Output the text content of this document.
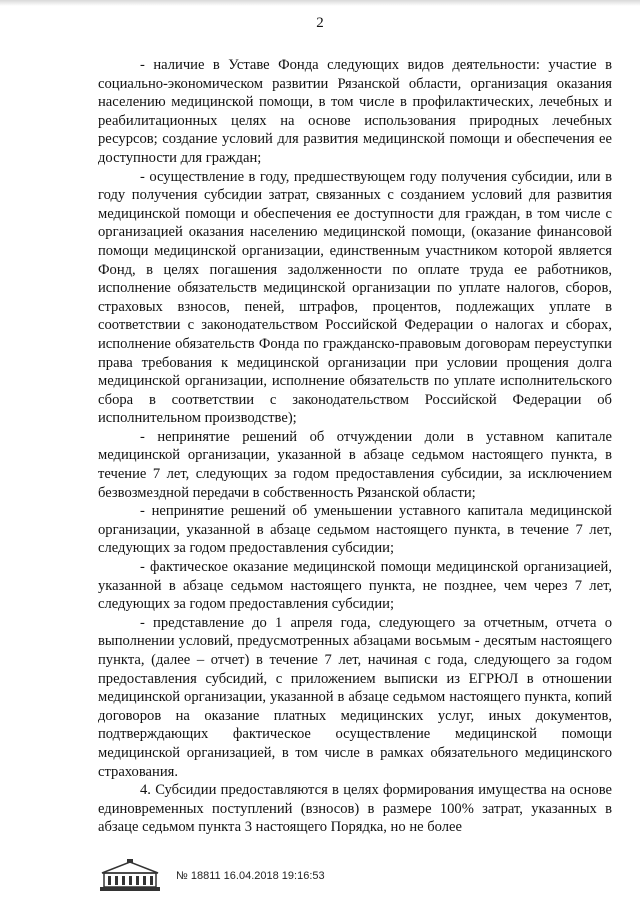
2

- наличие в Уставе Фонда следующих видов деятельности: участие в социально-экономическом развитии Рязанской области, организация оказания населению медицинской помощи, в том числе в профилактических, лечебных и реабилитационных целях на основе использования природных лечебных ресурсов; создание условий для развития медицинской помощи и обеспечения ее доступности для граждан;

- осуществление в году, предшествующем году получения субсидии, или в году получения субсидии затрат, связанных с созданием условий для развития медицинской помощи и обеспечения ее доступности для граждан, в том числе с организацией оказания населению медицинской помощи, (оказание финансовой помощи медицинской организации, единственным участником которой является Фонд, в целях погашения задолженности по оплате труда ее работников, исполнение обязательств медицинской организации по уплате налогов, сборов, страховых взносов, пеней, штрафов, процентов, подлежащих уплате в соответствии с законодательством Российской Федерации о налогах и сборах, исполнение обязательств Фонда по гражданско-правовым договорам переуступки права требования к медицинской организации при условии прощения долга медицинской организации, исполнение обязательств по уплате исполнительского сбора в соответствии с законодательством Российской Федерации об исполнительном производстве);

- непринятие решений об отчуждении доли в уставном капитале медицинской организации, указанной в абзаце седьмом настоящего пункта, в течение 7 лет, следующих за годом предоставления субсидии, за исключением безвозмездной передачи в собственность Рязанской области;

- непринятие решений об уменьшении уставного капитала медицинской организации, указанной в абзаце седьмом настоящего пункта, в течение 7 лет, следующих за годом предоставления субсидии;

- фактическое оказание медицинской помощи медицинской организацией, указанной в абзаце седьмом настоящего пункта, не позднее, чем через 7 лет, следующих за годом предоставления субсидии;

- представление до 1 апреля года, следующего за отчетным, отчета о выполнении условий, предусмотренных абзацами восьмым - десятым настоящего пункта, (далее – отчет) в течение 7 лет, начиная с года, следующего за годом предоставления субсидий, с приложением выписки из ЕГРЮЛ в отношении медицинской организации, указанной в абзаце седьмом настоящего пункта, копий договоров на оказание платных медицинских услуг, иных документов, подтверждающих фактическое осуществление медицинской помощи медицинской организацией, в том числе в рамках обязательного медицинского страхования.

4. Субсидии предоставляются в целях формирования имущества на основе единовременных поступлений (взносов) в размере 100% затрат, указанных в абзаце седьмом пункта 3 настоящего Порядка, но не более

№ 18811 16.04.2018 19:16:53
